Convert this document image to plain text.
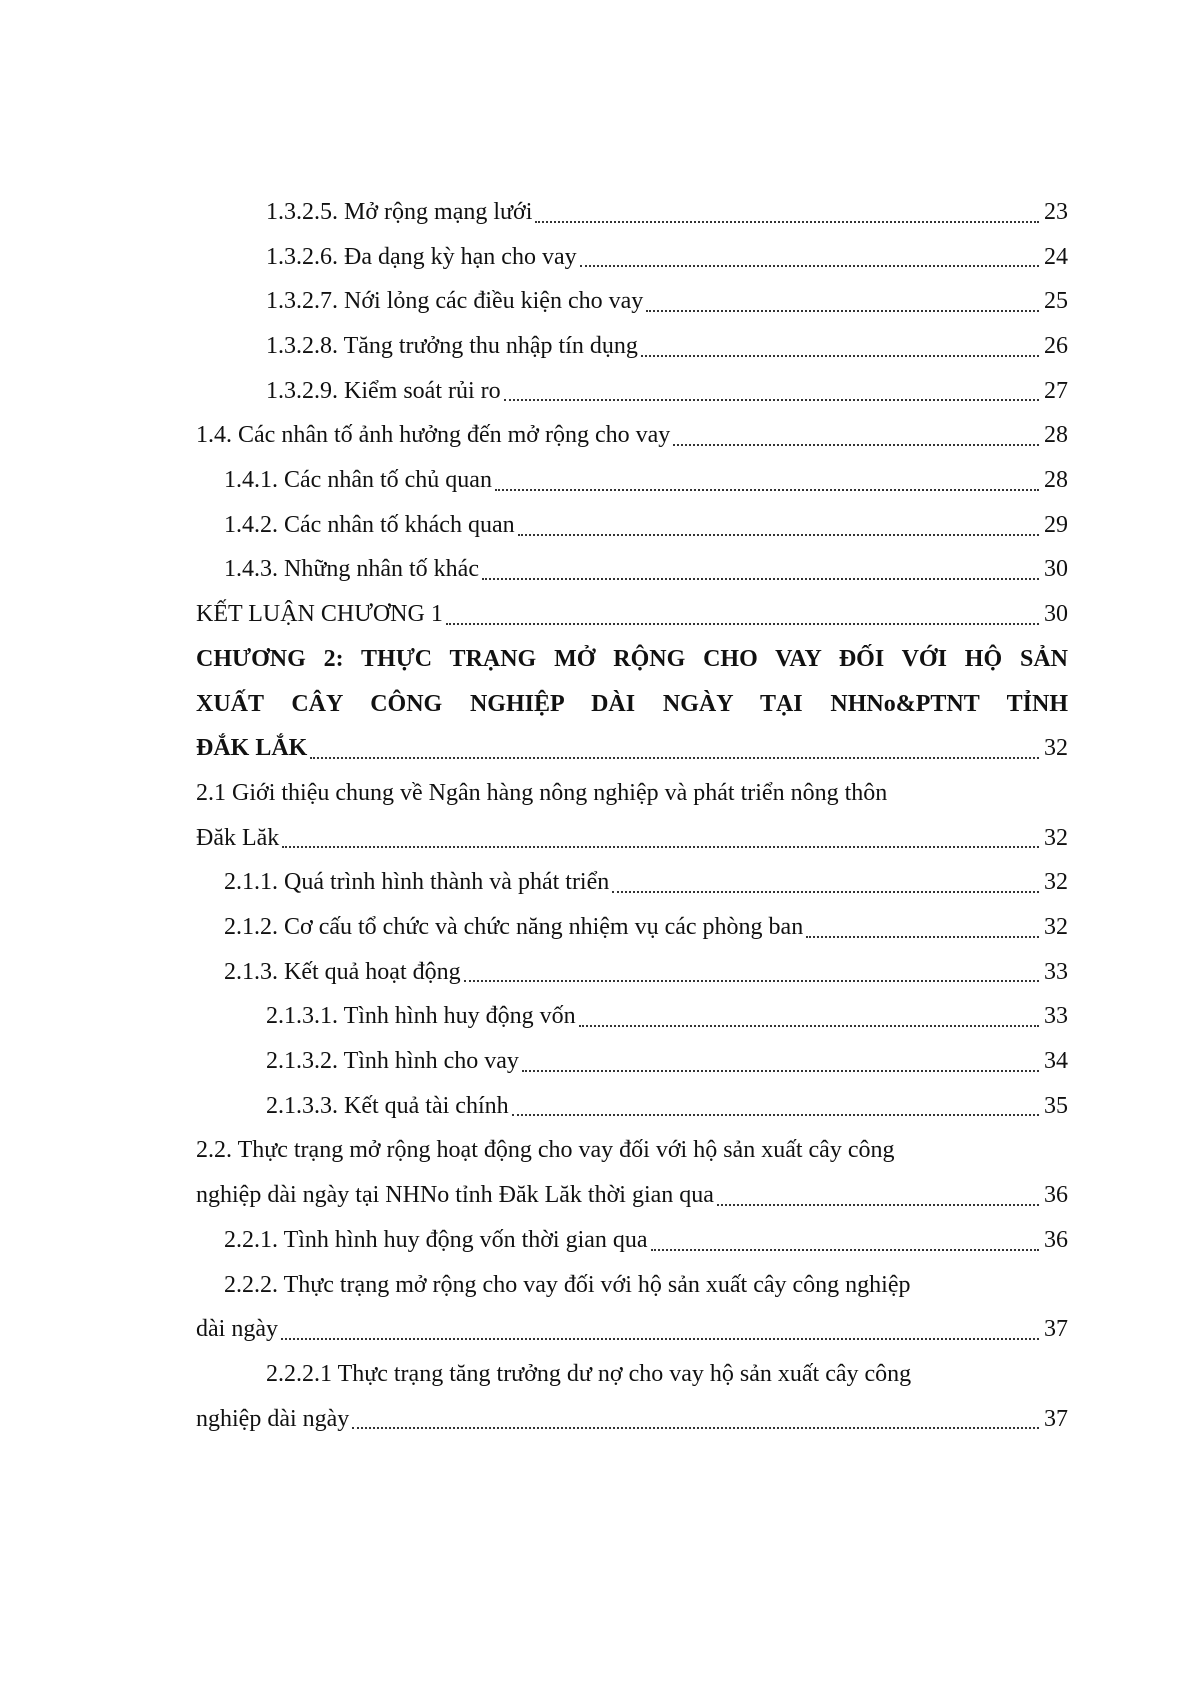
1.3.2.5. Mở rộng mạng lưới	23
1.3.2.6. Đa dạng kỳ hạn cho vay	24
1.3.2.7. Nới lỏng các điều kiện cho vay	25
1.3.2.8. Tăng trưởng thu nhập tín dụng	26
1.3.2.9. Kiểm soát rủi ro	27
1.4. Các nhân tố ảnh hưởng đến mở rộng cho vay	28
1.4.1. Các nhân tố chủ quan	28
1.4.2. Các nhân tố khách quan	29
1.4.3. Những nhân tố khác	30
KẾT LUẬN CHƯƠNG 1	30
CHƯƠNG 2: THỰC TRẠNG MỞ RỘNG CHO VAY ĐỐI VỚI HỘ SẢN
XUẤT CÂY CÔNG NGHIỆP DÀI NGÀY TẠI NHNo&PTNT TỈNH
ĐẮK LẮK	32
2.1 Giới thiệu chung về Ngân hàng nông nghiệp và phát triển nông thôn
Đăk Lăk	32
2.1.1. Quá trình hình thành và phát triển	32
2.1.2. Cơ cấu tổ chức và chức năng nhiệm vụ các phòng ban	32
2.1.3. Kết quả hoạt động	33
2.1.3.1. Tình hình huy động vốn	33
2.1.3.2. Tình hình cho vay	34
2.1.3.3. Kết quả tài chính	35
2.2. Thực trạng mở rộng hoạt động cho vay đối với hộ sản xuất cây công
nghiệp dài ngày tại NHNo tỉnh Đăk Lăk thời gian qua	36
2.2.1. Tình hình huy động vốn thời gian qua	36
2.2.2. Thực trạng mở rộng cho vay đối với hộ sản xuất cây công nghiệp
dài ngày	37
2.2.2.1 Thực trạng tăng trưởng dư nợ cho vay hộ sản xuất cây công
nghiệp dài ngày	37
